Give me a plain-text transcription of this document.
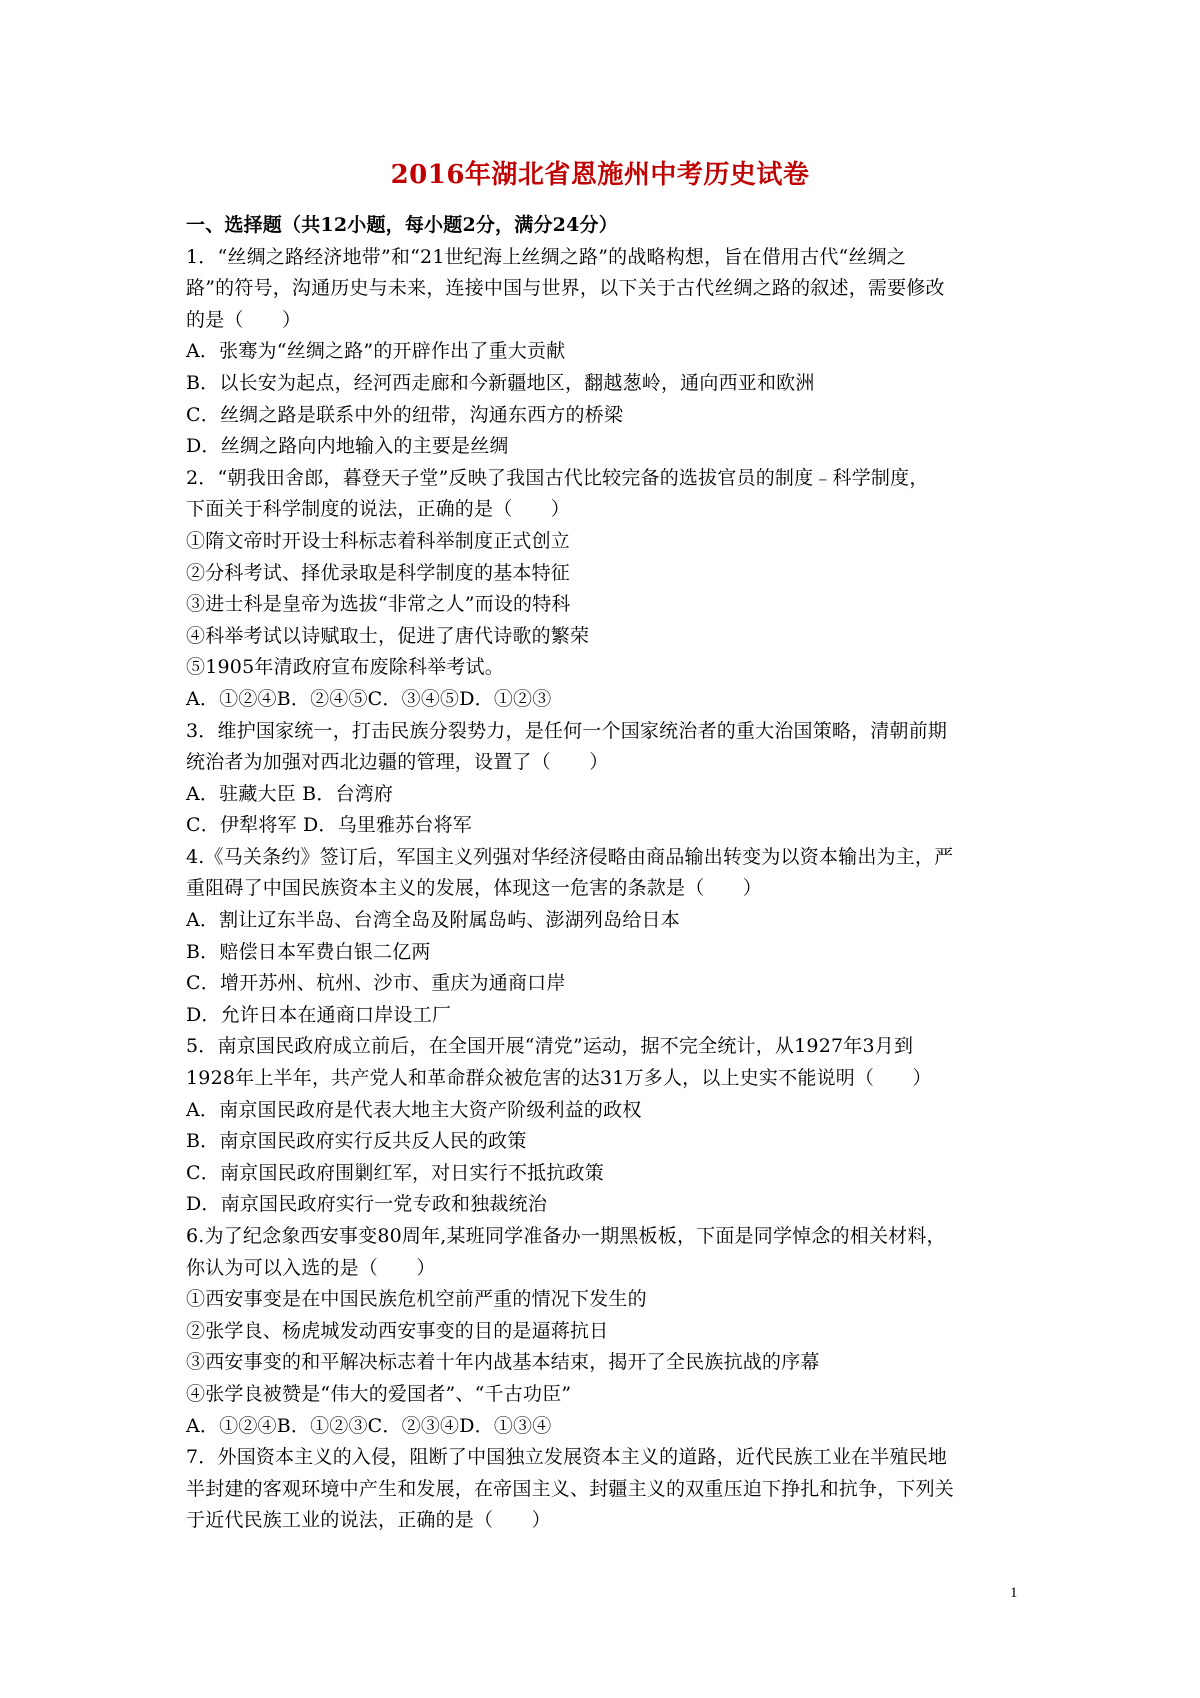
2016年湖北省恩施州中考历史试卷
一、选择题（共12小题，每小题2分，满分24分）
1．“丝绸之路经济地带”和“21世纪海上丝绸之路”的战略构想，旨在借用古代“丝绸之
路”的符号，沟通历史与未来，连接中国与世界，以下关于古代丝绸之路的叙述，需要修改
的是（　　）
A．张骞为“丝绸之路”的开辟作出了重大贡献
B．以长安为起点，经河西走廊和今新疆地区，翻越葱岭，通向西亚和欧洲
C．丝绸之路是联系中外的纽带，沟通东西方的桥梁
D．丝绸之路向内地输入的主要是丝绸
2．“朝我田舍郎，暮登天子堂”反映了我国古代比较完备的选拔官员的制度﹣科学制度，
下面关于科学制度的说法，正确的是（　　）
①隋文帝时开设士科标志着科举制度正式创立
②分科考试、择优录取是科学制度的基本特征
③进士科是皇帝为选拔“非常之人”而设的特科
④科举考试以诗赋取士，促进了唐代诗歌的繁荣
⑤1905年清政府宣布废除科举考试。
A．①②④B．②④⑤C．③④⑤D．①②③
3．维护国家统一，打击民族分裂势力，是任何一个国家统治者的重大治国策略，清朝前期
统治者为加强对西北边疆的管理，设置了（　　）
A．驻藏大臣 B．台湾府
C．伊犁将军 D．乌里雅苏台将军
4.《马关条约》签订后，军国主义列强对华经济侵略由商品输出转变为以资本输出为主，严
重阻碍了中国民族资本主义的发展，体现这一危害的条款是（　　）
A．割让辽东半岛、台湾全岛及附属岛屿、澎湖列岛给日本
B．赔偿日本军费白银二亿两
C．增开苏州、杭州、沙市、重庆为通商口岸
D．允许日本在通商口岸设工厂
5．南京国民政府成立前后，在全国开展“清党”运动，据不完全统计，从1927年3月到
1928年上半年，共产党人和革命群众被危害的达31万多人，以上史实不能说明（　　）
A．南京国民政府是代表大地主大资产阶级利益的政权
B．南京国民政府实行反共反人民的政策
C．南京国民政府围剿红军，对日实行不抵抗政策
D．南京国民政府实行一党专政和独裁统治
6.为了纪念象西安事变80周年,某班同学准备办一期黑板板，下面是同学悼念的相关材料，
你认为可以入选的是（　　）
①西安事变是在中国民族危机空前严重的情况下发生的
②张学良、杨虎城发动西安事变的目的是逼蒋抗日
③西安事变的和平解决标志着十年内战基本结束，揭开了全民族抗战的序幕
④张学良被赞是“伟大的爱国者”、“千古功臣”
A．①②④B．①②③C．②③④D．①③④
7．外国资本主义的入侵，阻断了中国独立发展资本主义的道路，近代民族工业在半殖民地
半封建的客观环境中产生和发展，在帝国主义、封疆主义的双重压迫下挣扎和抗争，下列关
于近代民族工业的说法，正确的是（　　）
1
